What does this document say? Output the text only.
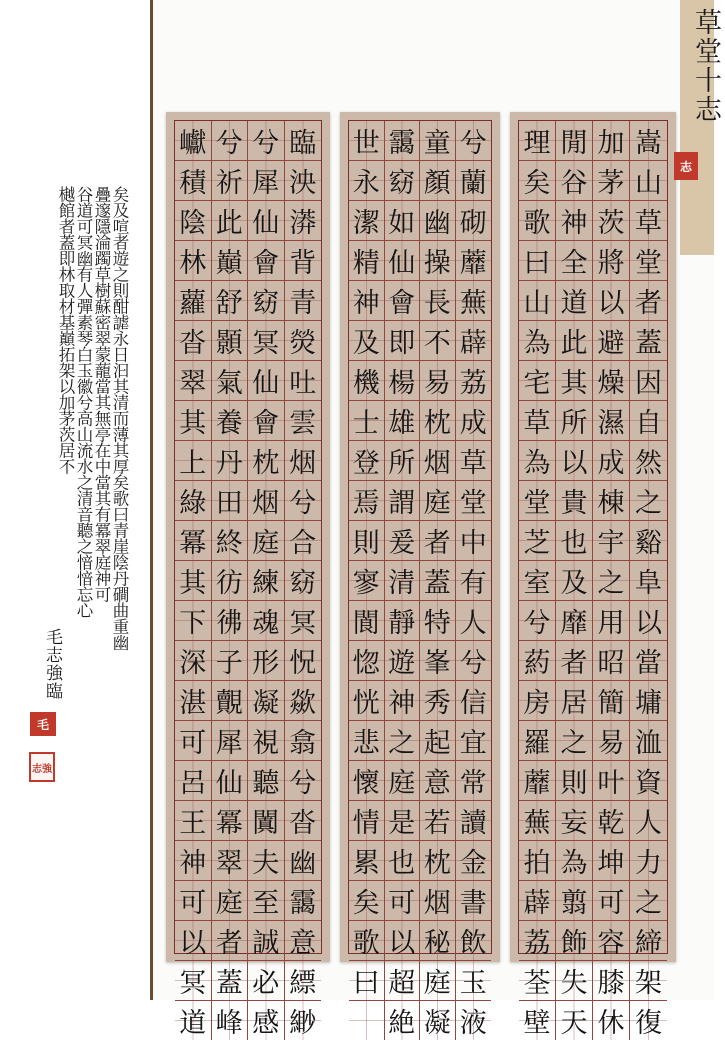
矣及喧者遊之則酣謔永日汩其清而薄其厚矣歌曰青崖陰丹磵曲重幽
疊邃隱淪躅草樹蘇密翠蒙蘢當其無亭在中當其有冪翠庭神可
谷道可冥幽有人彈素琴白玉徽兮高山流水之清音聽之愔愔忘心
樾館者蓋即林取材基巔拓架以加茅茨居不
毛志強臨
毛
志強
巘 兮 兮 臨
積 祈 犀 泱
陰 此 仙 漭
林 巔 會 背
蘿 舒 窈 青
沓 顥 冥 熒
翠 氣 仙 吐
其 養 會 雲
上 丹 枕 烟
綠 田 烟 兮
冪 終 庭 合
其 彷 練 窈
下 彿 魂 冥
深 子 形 怳
湛 覿 凝 歘
可 犀 視 翕
呂 仙 聽 兮
王 冪 闐 沓
神 翠 夫 幽
可 庭 至 靄
以 者 誠 意
冥 蓋 必 縹
道 峰 感 緲
世 靄 童 兮
永 窈 顏 蘭
潔 如 幽 砌
精 仙 操 蘼
神 會 長 蕪
及 即 不 薜
機 楊 易 荔
士 雄 枕 成
登 所 烟 草
焉 謂 庭 堂
則 爰 者 中
寥 清 蓋 有
閬 靜 特 人
惚 遊 峯 兮
恍 神 秀 信
悲 之 起 宜
懷 庭 意 常
情 是 若 讀
累 也 枕 金
矣 可 烟 書
歌 以 秘 飲
曰 超 庭 玉
絶 凝 液
理 閒 加 嵩
矣 谷 茅 山
歌 神 茨 草
曰 全 將 堂
山 道 以 者
為 此 避 蓋
宅 其 燥 因
草 所 濕 自
為 以 成 然
堂 貴 棟 之
芝 也 宇 谿
室 及 之 阜
兮 靡 用 以
葯 者 昭 當
房 居 簡 墉
羅 之 易 洫
蘼 則 叶 資
蕪 妄 乾 人
拍 為 坤 力
薜 翦 可 之
荔 飾 容 締
荃 失 膝 架
壁 天 休 復
草堂十志
志
